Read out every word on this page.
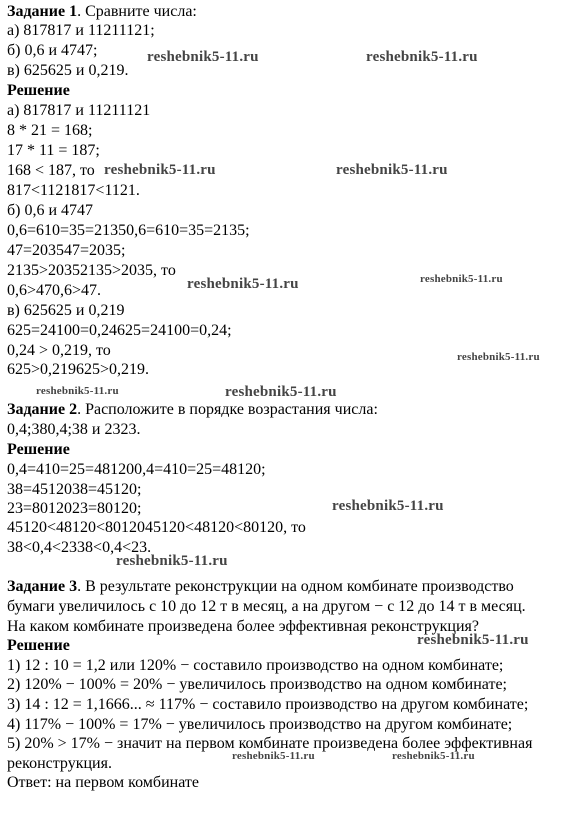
Задание 1. Сравните числа:
а) 817817 и 11211121;
б) 0,6 и 4747;
в) 625625 и 0,219.
Решение
а) 817817 и 11211121
8 * 21 = 168;
17 * 11 = 187;
168 < 187, то
817<1121817<1121.
б) 0,6 и 4747
0,6=610=35=21350,6=610=35=2135;
47=203547=2035;
2135>20352135>2035, то
0,6>470,6>47.
в) 625625 и 0,219
625=24100=0,24625=24100=0,24;
0,24 > 0,219, то
625>0,219625>0,219.
Задание 2. Расположите в порядке возрастания числа:
0,4;380,4;38 и 2323.
Решение
0,4=410=25=481200,4=410=25=48120;
38=4512038=45120;
23=8012023=80120;
45120<48120<8012045120<48120<80120, то
38<0,4<2338<0,4<23.
Задание 3. В результате реконструкции на одном комбинате производство
бумаги увеличилось с 10 до 12 т в месяц, а на другом − с 12 до 14 т в месяц.
На каком комбинате произведена более эффективная реконструкция?
Решение
1) 12 : 10 = 1,2 или 120% − составило производство на одном комбинате;
2) 120% − 100% = 20% − увеличилось производство на одном комбинате;
3) 14 : 12 = 1,1666... ≈ 117% − составило производство на другом комбинате;
4) 117% − 100% = 17% − увеличилось производство на другом комбинате;
5) 20% > 17% − значит на первом комбинате произведена более эффективная
реконструкция.
Ответ: на первом комбинате
reshebnik5-11.ru	reshebnik5-11.ru
reshebnik5-11.ru	reshebnik5-11.ru
reshebnik5-11.ru	reshebnik5-11.ru
reshebnik5-11.ru
reshebnik5-11.ru	reshebnik5-11.ru
reshebnik5-11.ru
reshebnik5-11.ru
reshebnik5-11.ru
reshebnik5-11.ru	reshebnik5-11.ru
